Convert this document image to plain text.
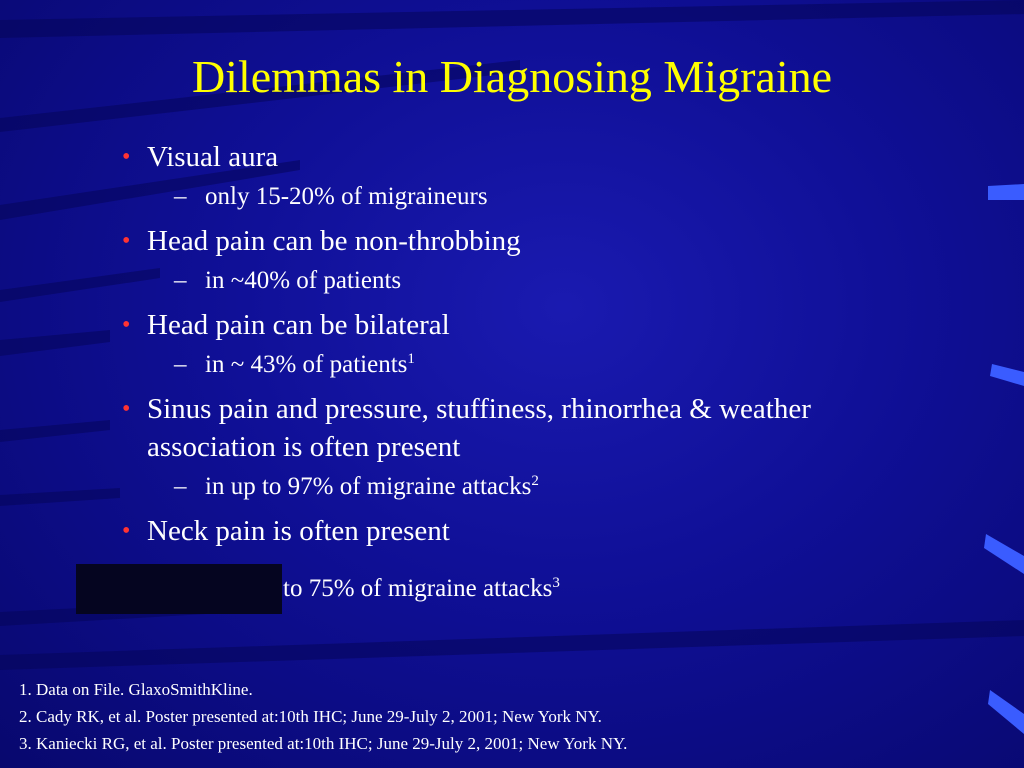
Dilemmas in Diagnosing Migraine
• Visual aura
– only 15-20% of migraineurs
• Head pain can be non-throbbing
– in ~40% of patients
• Head pain can be bilateral
– in ~ 43% of patients$^1$
• Sinus pain and pressure, stuffiness, rhinorrhea & weather association is often present
– in up to 97% of migraine attacks$^2$
• Neck pain is often present
to 75% of migraine attacks$^3$
1. Data on File. GlaxoSmithKline.
2. Cady RK, et al. Poster presented at:10th IHC; June 29-July 2, 2001; New York NY.
3. Kaniecki RG, et al. Poster presented at:10th IHC; June 29-July 2, 2001; New York NY.
